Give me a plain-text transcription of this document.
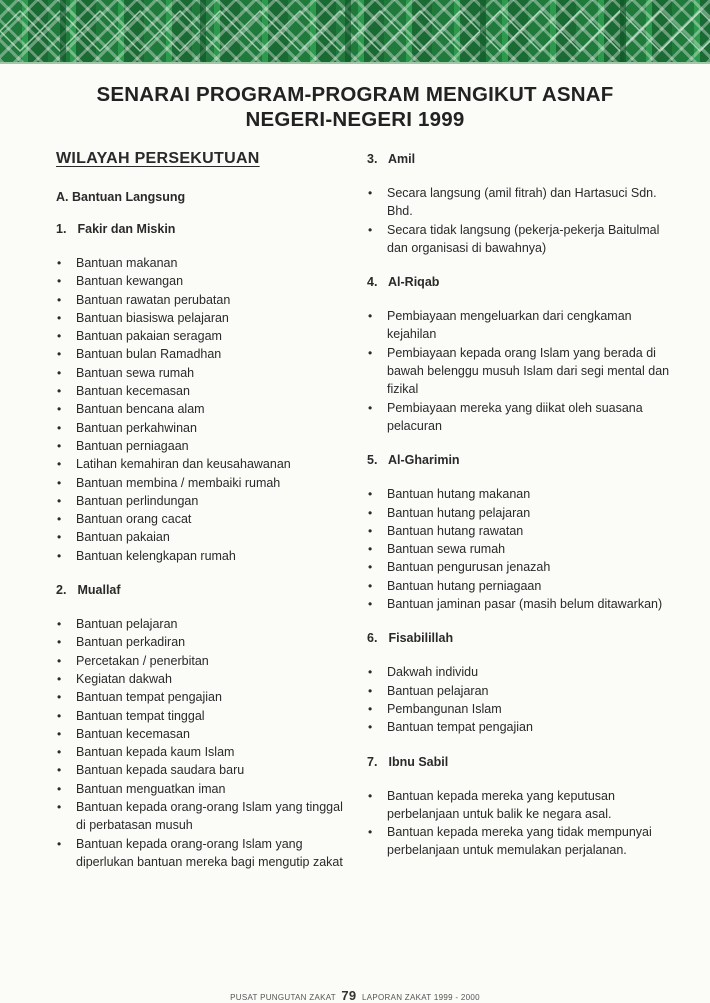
SENARAI PROGRAM-PROGRAM MENGIKUT ASNAF
NEGERI-NEGERI 1999
WILAYAH PERSEKUTUAN
A. Bantuan Langsung
1. Fakir dan Miskin
• Bantuan makanan
• Bantuan kewangan
• Bantuan rawatan perubatan
• Bantuan biasiswa pelajaran
• Bantuan pakaian seragam
• Bantuan bulan Ramadhan
• Bantuan sewa rumah
• Bantuan kecemasan
• Bantuan bencana alam
• Bantuan perkahwinan
• Bantuan perniagaan
• Latihan kemahiran dan keusahawanan
• Bantuan membina / membaiki rumah
• Bantuan perlindungan
• Bantuan orang cacat
• Bantuan pakaian
• Bantuan kelengkapan rumah
2. Muallaf
• Bantuan pelajaran
• Bantuan perkadiran
• Percetakan / penerbitan
• Kegiatan dakwah
• Bantuan tempat pengajian
• Bantuan tempat tinggal
• Bantuan kecemasan
• Bantuan kepada kaum Islam
• Bantuan kepada saudara baru
• Bantuan menguatkan iman
• Bantuan kepada orang-orang Islam yang tinggal di perbatasan musuh
• Bantuan kepada orang-orang Islam yang diperlukan bantuan mereka bagi mengutip zakat
3. Amil
• Secara langsung (amil fitrah) dan Hartasuci Sdn. Bhd.
• Secara tidak langsung (pekerja-pekerja Baitulmal dan organisasi di bawahnya)
4. Al-Riqab
• Pembiayaan mengeluarkan dari cengkaman kejahilan
• Pembiayaan kepada orang Islam yang berada di bawah belenggu musuh Islam dari segi mental dan fizikal
• Pembiayaan mereka yang diikat oleh suasana pelacuran
5. Al-Gharimin
• Bantuan hutang makanan
• Bantuan hutang pelajaran
• Bantuan hutang rawatan
• Bantuan sewa rumah
• Bantuan pengurusan jenazah
• Bantuan hutang perniagaan
• Bantuan jaminan pasar (masih belum ditawarkan)
6. Fisabilillah
• Dakwah individu
• Bantuan pelajaran
• Pembangunan Islam
• Bantuan tempat pengajian
7. Ibnu Sabil
• Bantuan kepada mereka yang keputusan perbelanjaan untuk balik ke negara asal.
• Bantuan kepada mereka yang tidak mempunyai perbelanjaan untuk memulakan perjalanan.
PUSAT PUNGUTAN ZAKAT 79 LAPORAN ZAKAT 1999 - 2000
